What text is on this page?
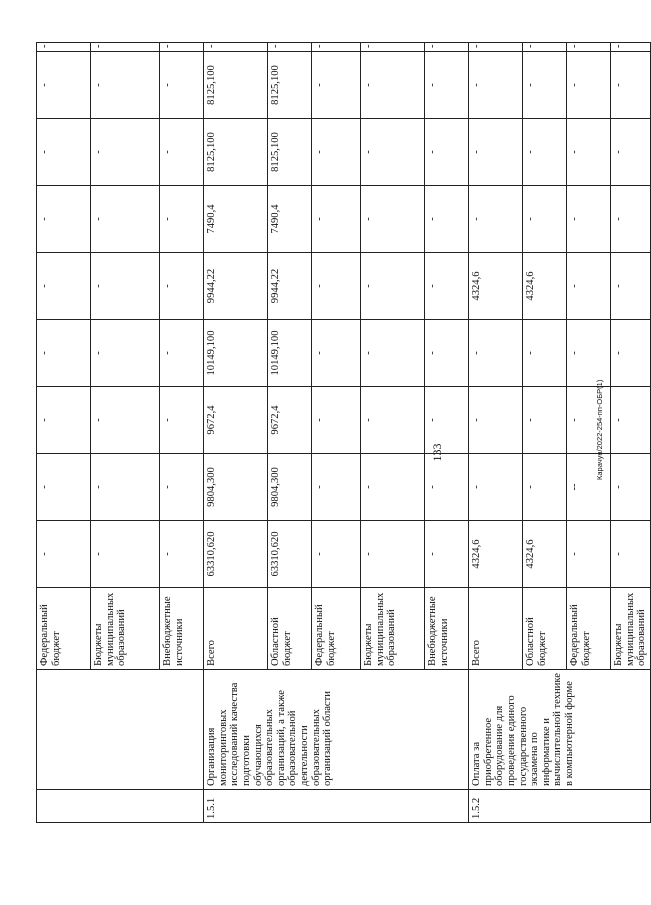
133
		Федеральный бюджет	-	-	-	-	-	-	-	-	-
		Бюджеты муниципальных образований	-	-	-	-	-	-	-	-	-
		Внебюджетные источники	-	-	-	-	-	-	-	-	-
1.5.1	Организация мониторинговых исследований качества подготовки обучающихся образовательных организаций, а также образовательной деятельности образовательных организаций области	Всего	63310,620	9804,300	9672,4	10149,100	9944,22	7490,4	8125,100	8125,100	-
		Областной бюджет	63310,620	9804,300	9672,4	10149,100	9944,22	7490,4	8125,100	8125,100	-
		Федеральный бюджет	-	-	-	-	-	-	-	-	-
		Бюджеты муниципальных образований	-	-	-	-	-	-	-	-	-
		Внебюджетные источники	-	-	-	-	-	-	-	-	-
1.5.2	Оплата за приобретенное оборудование для проведения единого государственного экзамена по информатике и вычислительной технике в компьютерной форме	Всего	4324,6	-	-	-	4324,6	-	-	-	-
		Областной бюджет	4324,6	-	-	-	4324,6	-	-	-	-
		Федеральный бюджет	-	--	-	-	-	-	-	-	-
		Бюджеты муниципальных образований	-	-	-	-	-	-	-	-	-
Карачун/2022-254-пп-ОБР(1)
